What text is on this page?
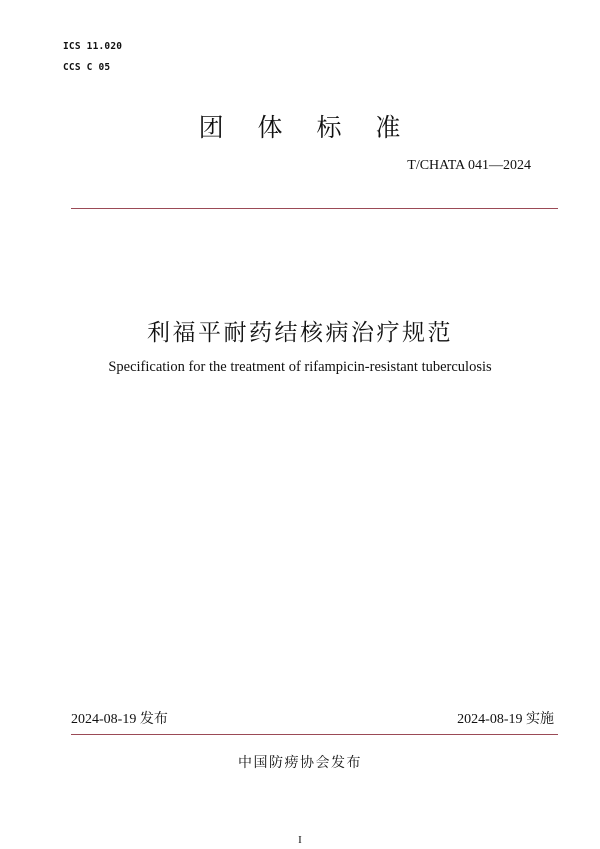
ICS 11.020
CCS C 05
团 体 标 准
T/CHATA 041—2024
利福平耐药结核病治疗规范
Specification for the treatment of rifampicin-resistant tuberculosis
2024-08-19 发布	2024-08-19 实施
中国防痨协会发布
I
